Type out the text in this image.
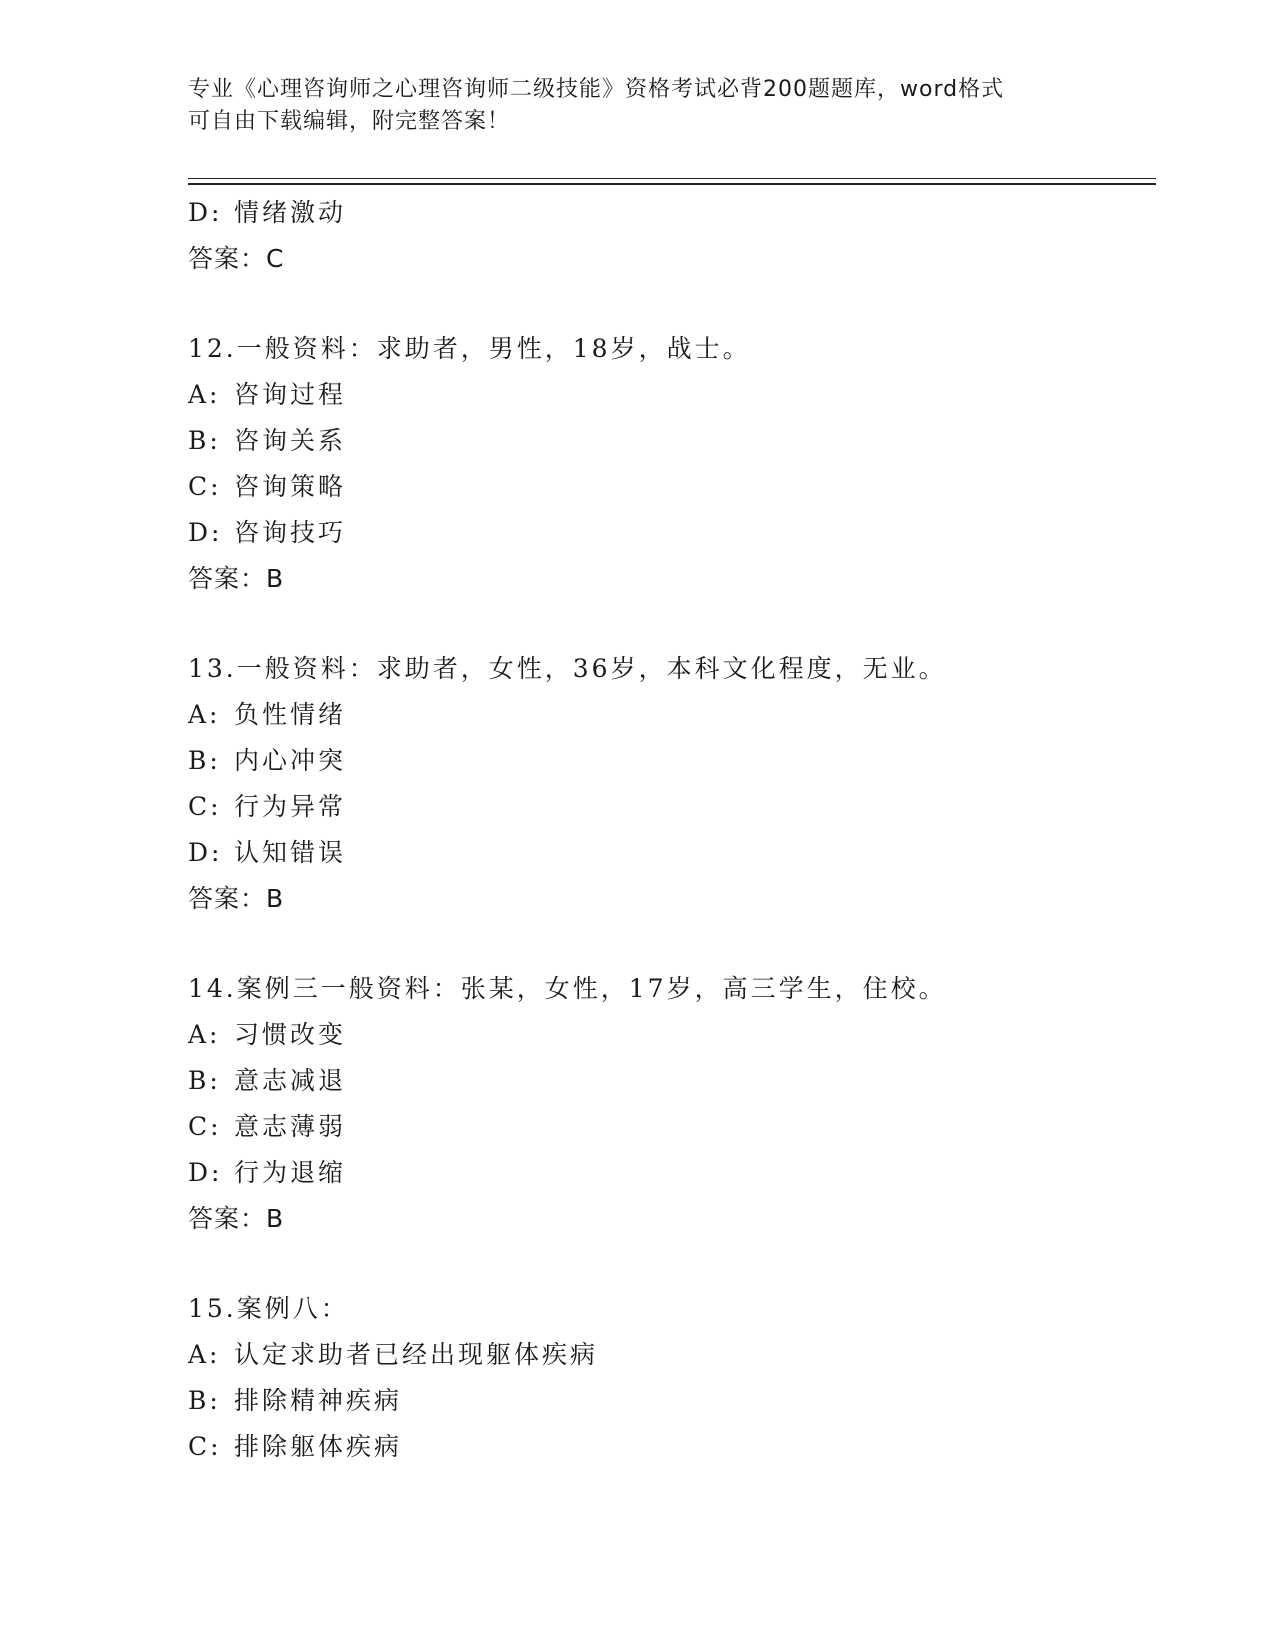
专业《心理咨询师之心理咨询师二级技能》资格考试必背200题题库，word格式
可自由下载编辑，附完整答案！
D: 情绪激动
答案：C
12.一般资料：求助者，男性，18岁，战士。
A: 咨询过程
B: 咨询关系
C: 咨询策略
D: 咨询技巧
答案：B
13.一般资料：求助者，女性，36岁，本科文化程度，无业。
A: 负性情绪
B: 内心冲突
C: 行为异常
D: 认知错误
答案：B
14.案例三一般资料：张某，女性，17岁，高三学生，住校。
A: 习惯改变
B: 意志减退
C: 意志薄弱
D: 行为退缩
答案：B
15.案例八：
A: 认定求助者已经出现躯体疾病
B: 排除精神疾病
C: 排除躯体疾病
